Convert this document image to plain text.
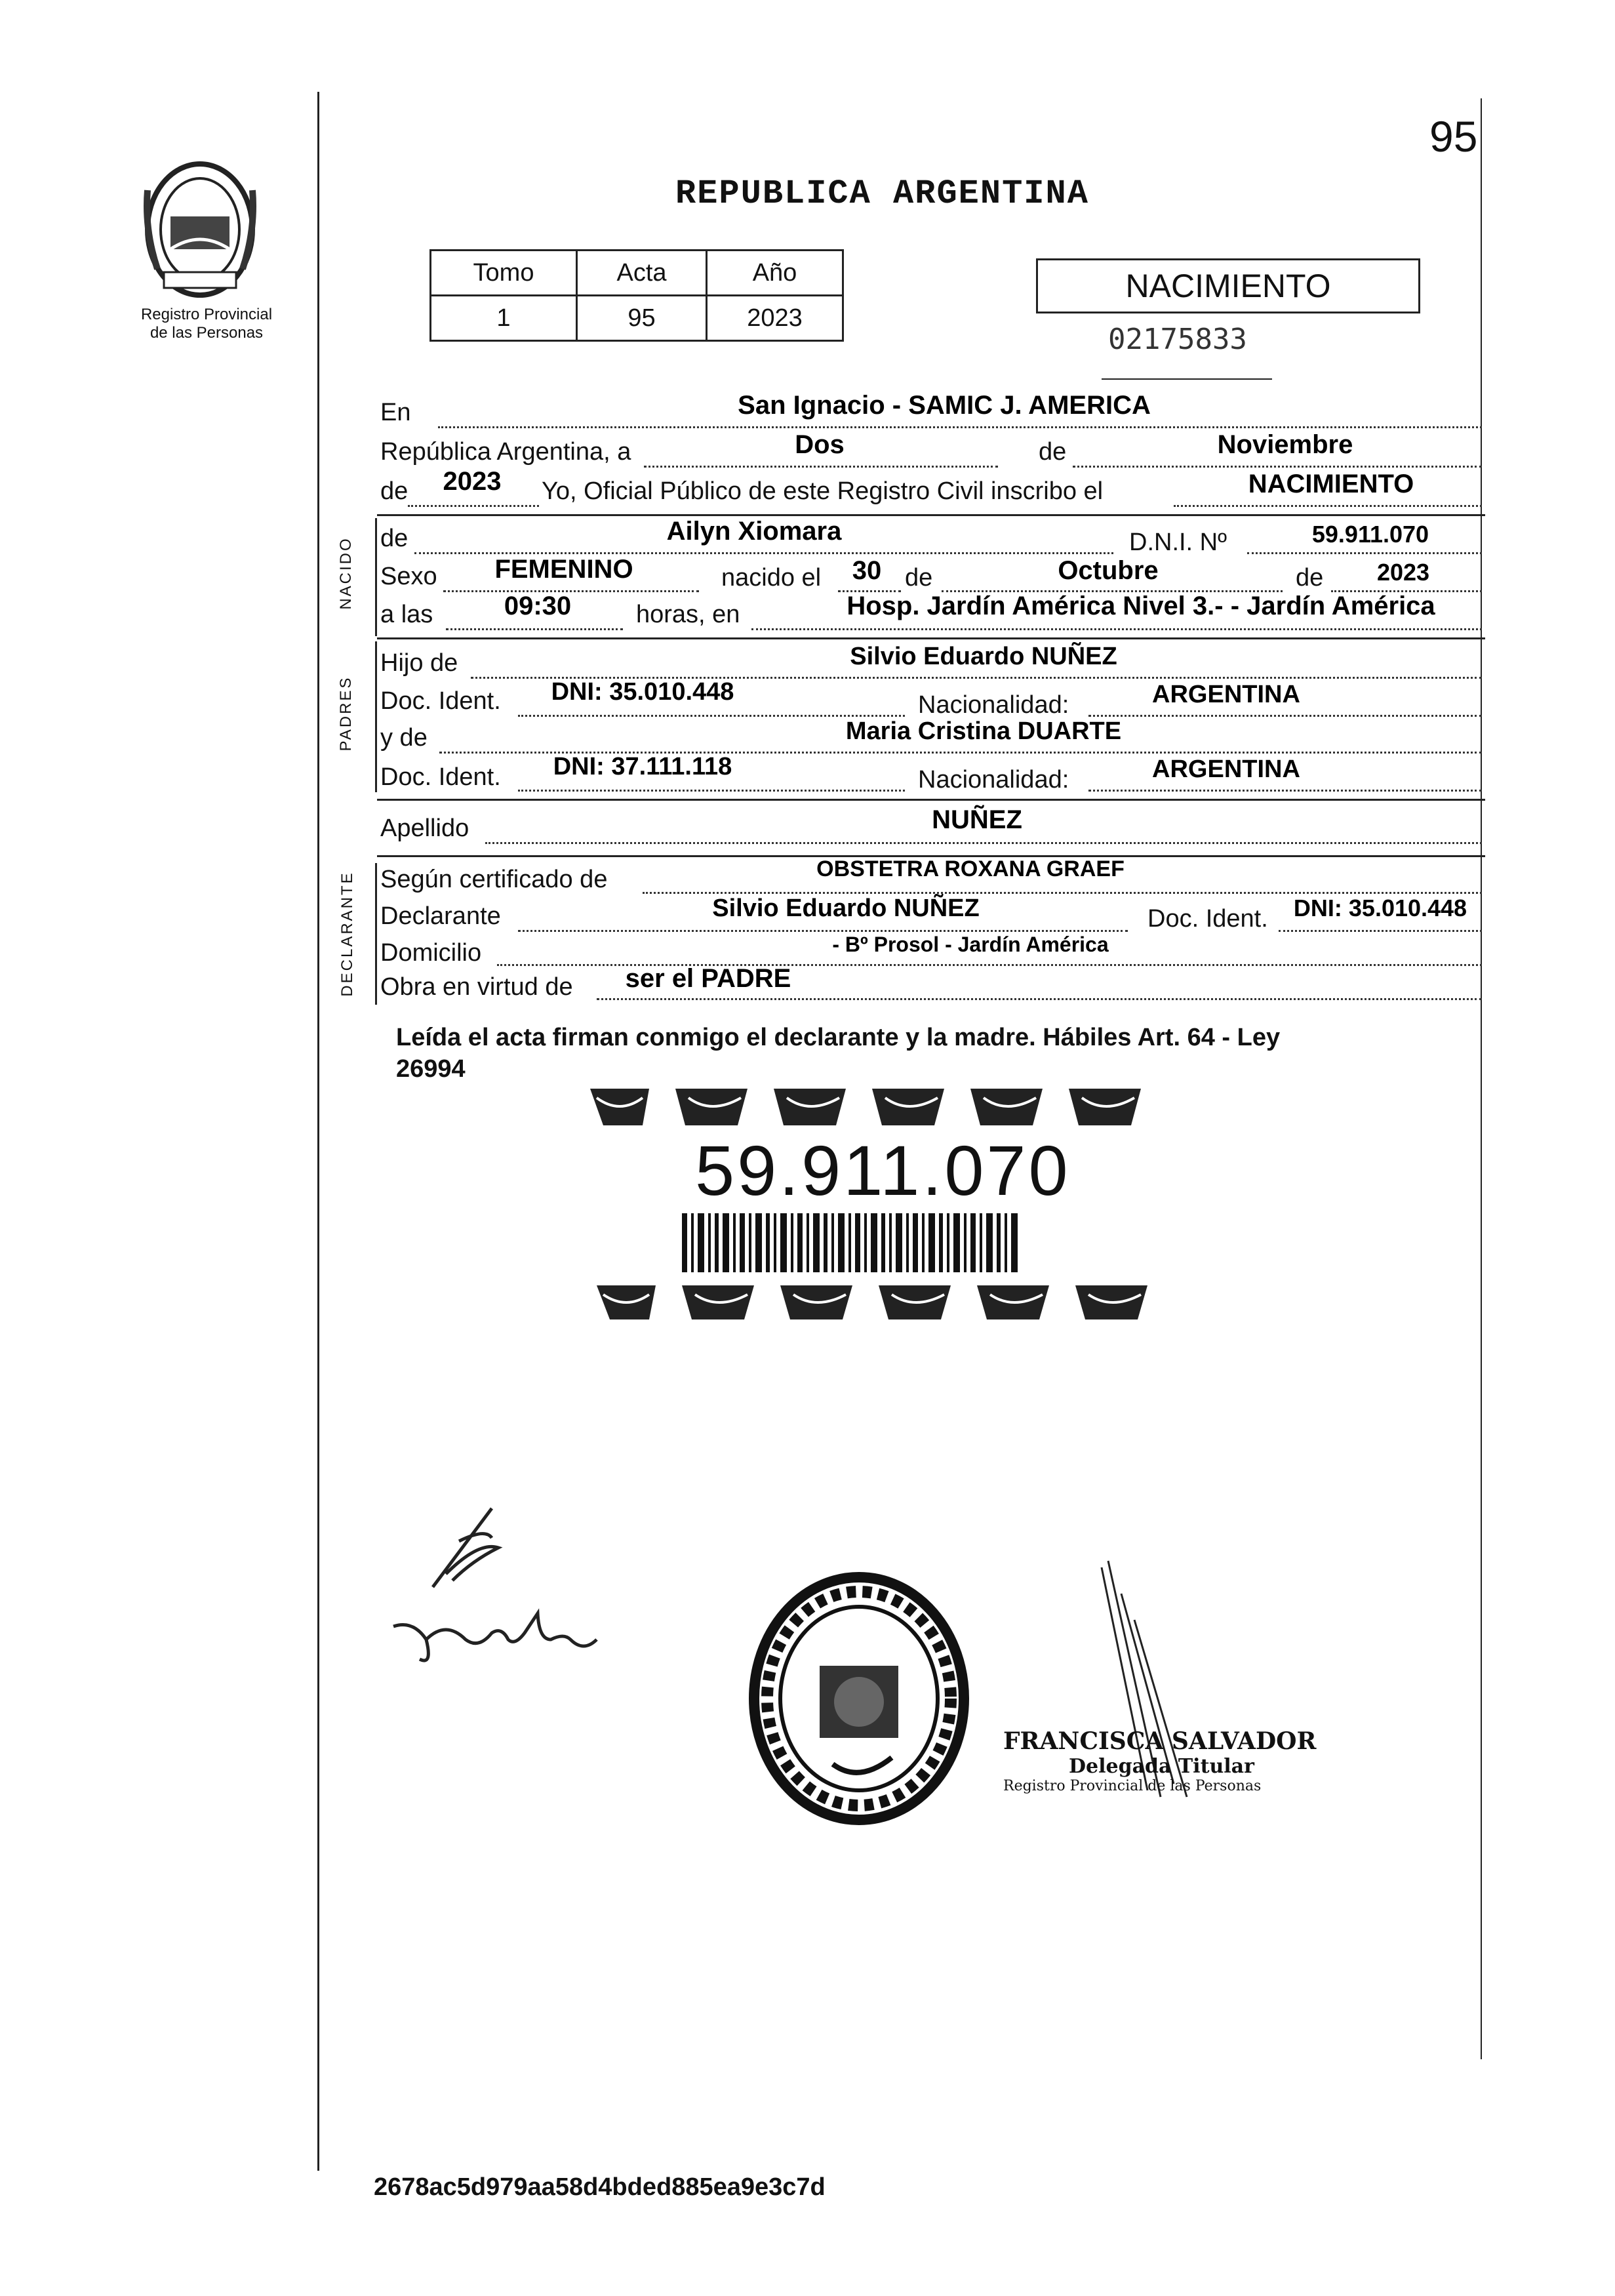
95
Registro Provincial
de las Personas
REPUBLICA ARGENTINA
Tomo	Acta	Año
1	95	2023
NACIMIENTO
02175833
En	San Ignacio - SAMIC J. AMERICA
República Argentina, a	Dos	de	Noviembre
de	2023	Yo, Oficial Público de este Registro Civil inscribo el	NACIMIENTO
NACIDO de	Ailyn Xiomara	D.N.I. Nº	59.911.070
Sexo	FEMENINO	nacido el	30 de	Octubre	de	2023
a las	09:30	horas, en	Hosp. Jardín América Nivel 3.- - Jardín América
PADRES
Hijo de	Silvio Eduardo NUÑEZ
Doc. Ident.	DNI: 35.010.448	Nacionalidad:	ARGENTINA
y de	Maria Cristina DUARTE
Doc. Ident.	DNI: 37.111.118	Nacionalidad:	ARGENTINA
Apellido	NUÑEZ
DECLARANTE Según certificado de	OBSTETRA ROXANA GRAEF
Declarante	Silvio Eduardo NUÑEZ	Doc. Ident.	DNI: 35.010.448
Domicilio	- Bº Prosol - Jardín América
Obra en virtud de	ser el PADRE
Leída el acta firman conmigo el declarante y la madre. Hábiles Art. 64 - Ley
26994
59.911.070
FRANCISCA SALVADOR
Delegada Titular
Registro Provincial de las Personas
2678ac5d979aa58d4bded885ea9e3c7d
